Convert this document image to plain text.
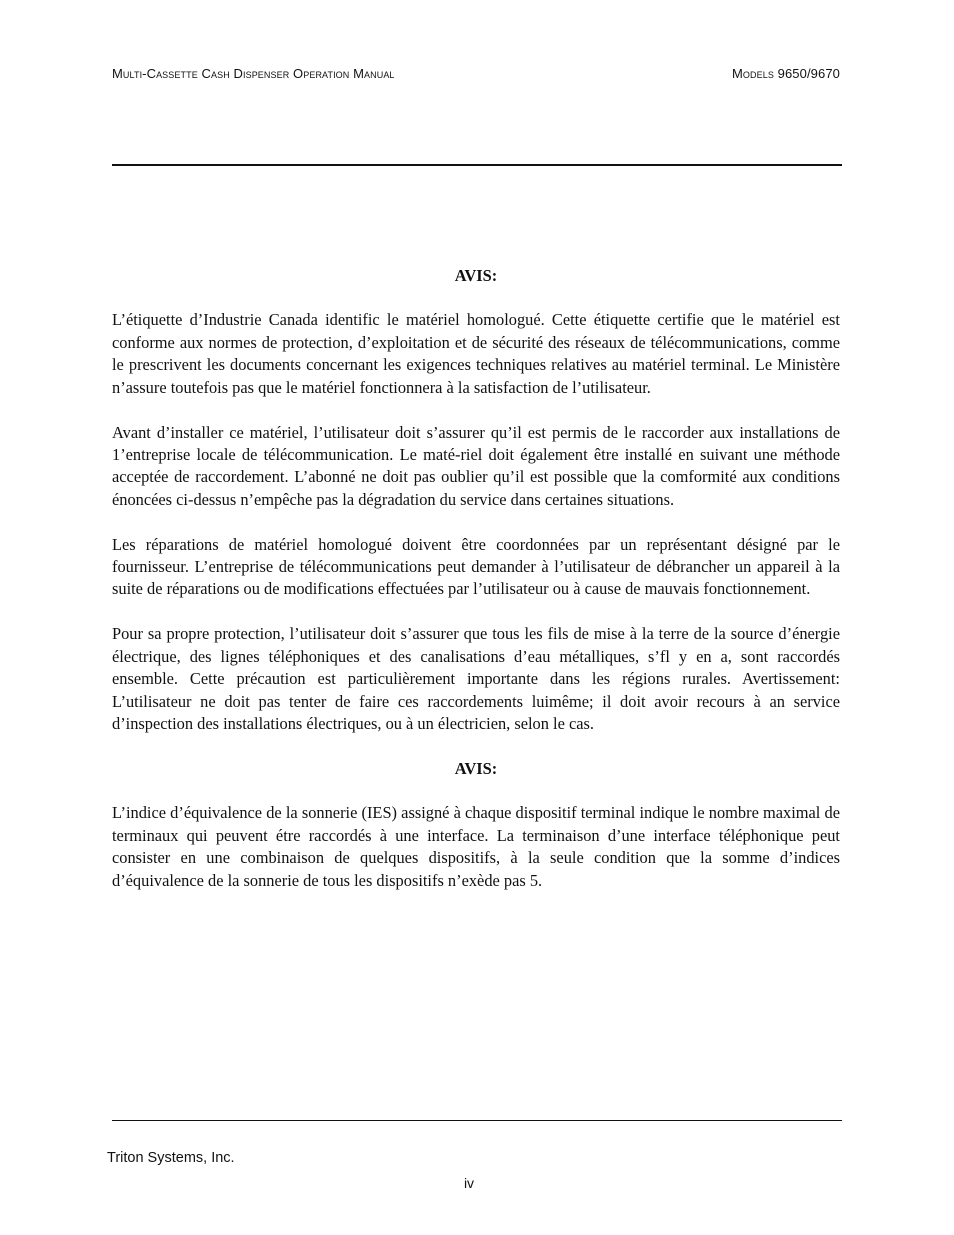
Multi-Cassette Cash Dispenser Operation Manual	Models 9650/9670
AVIS:

L’étiquette d’Industrie Canada identific le matériel homologué. Cette étiquette certifie que le matériel est conforme aux normes de protection, d’exploitation et de sécurité des réseaux de télécommunications, comme le prescrivent les documents concernant les exigences techniques relatives au matériel terminal. Le Ministère n’assure toutefois pas que le matériel fonctionnera à la satisfaction de l’utilisateur.

Avant d’installer ce matériel, l’utilisateur doit s’assurer qu’il est permis de le raccorder aux installations de 1’entreprise locale de télécommunication. Le maté-riel doit également être installé en suivant une méthode acceptée de raccordement. L’abonné ne doit pas oublier qu’il est possible que la comformité aux conditions énoncées ci-dessus n’empêche pas la dégradation du service dans certaines situations.

Les réparations de matériel homologué doivent être coordonnées par un représentant désigné par le fournisseur. L’entreprise de télécommunications peut demander à l’utilisateur de débrancher un appareil à la suite de réparations ou de modifications effectuées par l’utilisateur ou à cause de mauvais fonctionnement.

Pour sa propre protection, l’utilisateur doit s’assurer que tous les fils de mise à la terre de la source d’énergie électrique, des lignes téléphoniques et des canalisations d’eau métalliques, s’fl y en a, sont raccordés ensemble. Cette précaution est particulièrement importante dans les régions rurales. Avertissement: L’utilisateur ne doit pas tenter de faire ces raccordements luimême; il doit avoir recours à an service d’inspection des installations électriques, ou à un électricien, selon le cas.

AVIS:

L’indice d’équivalence de la sonnerie (IES) assigné à chaque dispositif terminal indique le nombre maximal de terminaux qui peuvent étre raccordés à une interface. La terminaison d’une interface téléphonique peut consister en une combinaison de quelques dispositifs, à la seule condition que la somme d’indices d’équivalence de la sonnerie de tous les dispositifs n’exède pas 5.

Triton Systems, Inc.
iv
